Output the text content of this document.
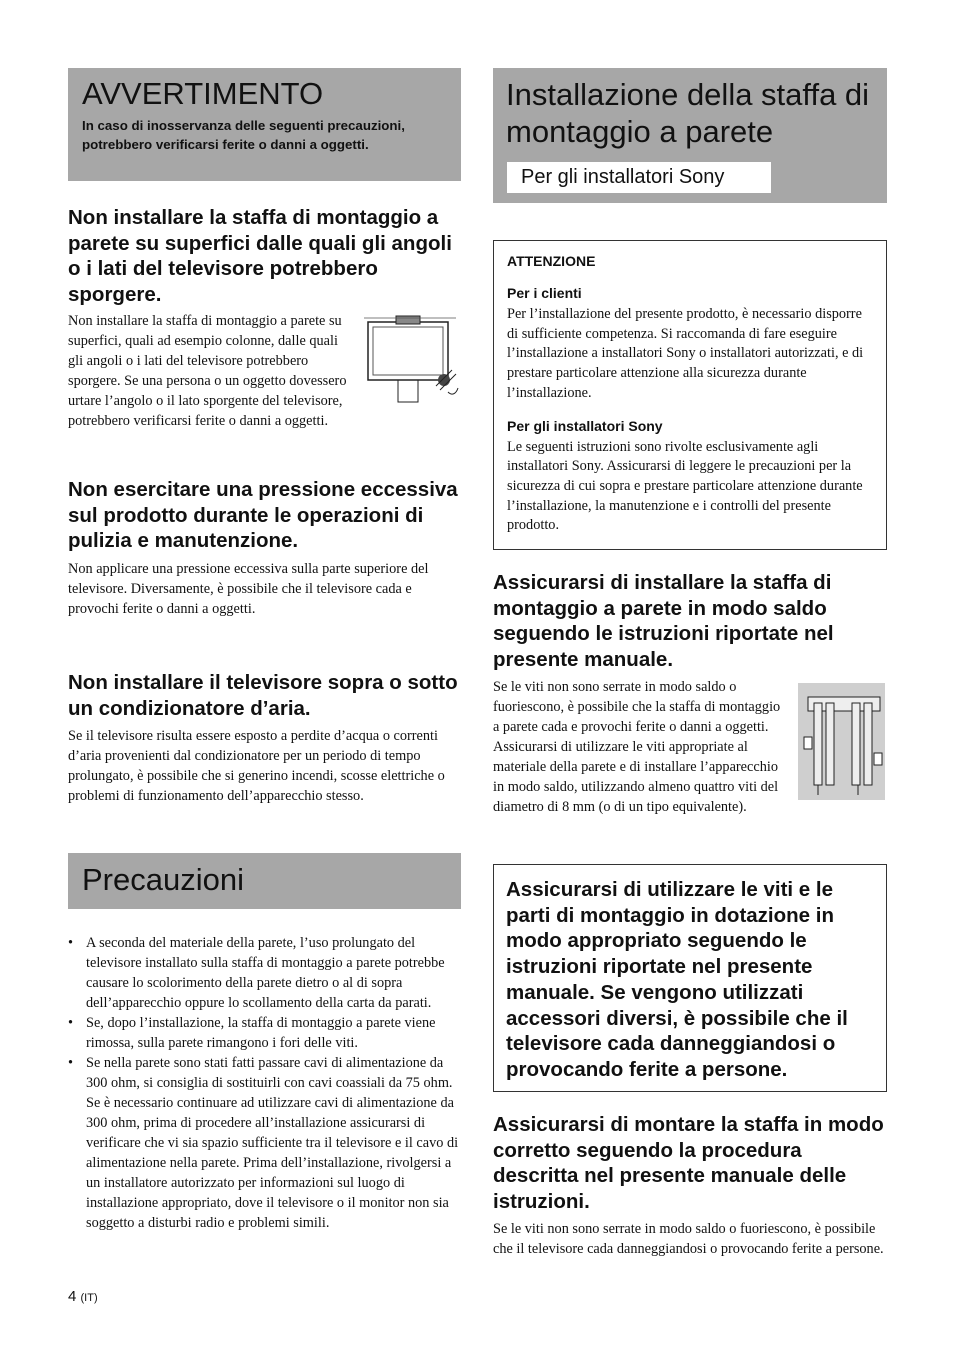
AVVERTIMENTO

In caso di inosservanza delle seguenti precauzioni, potrebbero verificarsi ferite o danni a oggetti.

Non installare la staffa di montaggio a parete su superfici dalle quali gli angoli o i lati del televisore potrebbero sporgere.

Non installare la staffa di montaggio a parete su superfici, quali ad esempio colonne, dalle quali gli angoli o i lati del televisore potrebbero sporgere. Se una persona o un oggetto dovessero urtare l’angolo o il lato sporgente del televisore, potrebbero verificarsi ferite o danni a oggetti.

Non esercitare una pressione eccessiva sul prodotto durante le operazioni di pulizia e manutenzione.

Non applicare una pressione eccessiva sulla parte superiore del televisore. Diversamente, è possibile che il televisore cada e provochi ferite o danni a oggetti.

Non installare il televisore sopra o sotto un condizionatore d’aria.

Se il televisore risulta essere esposto a perdite d’acqua o correnti d’aria provenienti dal condizionatore per un periodo di tempo prolungato, è possibile che si generino incendi, scosse elettriche o problemi di funzionamento dell’apparecchio stesso.

Precauzioni
• A seconda del materiale della parete, l’uso prolungato del televisore installato sulla staffa di montaggio a parete potrebbe causare lo scolorimento della parete dietro o al di sopra dell’apparecchio oppure lo scollamento della carta da parati.
• Se, dopo l’installazione, la staffa di montaggio a parete viene rimossa, sulla parete rimangono i fori delle viti.
• Se nella parete sono stati fatti passare cavi di alimentazione da 300 ohm, si consiglia di sostituirli con cavi coassiali da 75 ohm. Se è necessario continuare ad utilizzare cavi di alimentazione da 300 ohm, prima di procedere all’installazione assicurarsi di verificare che vi sia spazio sufficiente tra il televisore e il cavo di alimentazione nella parete. Prima dell’installazione, rivolgersi a un installatore autorizzato per informazioni sul luogo di installazione appropriato, dove il televisore o il monitor non sia soggetto a disturbi radio e problemi simili.
4 (IT)
Installazione della staffa di montaggio a parete
Per gli installatori Sony

ATTENZIONE

Per i clienti

Per l’installazione del presente prodotto, è necessario disporre di sufficiente competenza. Si raccomanda di fare eseguire l’installazione a installatori Sony o installatori autorizzati, e di prestare particolare attenzione alla sicurezza durante l’installazione.

Per gli installatori Sony

Le seguenti istruzioni sono rivolte esclusivamente agli installatori Sony. Assicurarsi di leggere le precauzioni per la sicurezza di cui sopra e prestare particolare attenzione durante l’installazione, la manutenzione e i controlli del presente prodotto.

Assicurarsi di installare la staffa di montaggio a parete in modo saldo seguendo le istruzioni riportate nel presente manuale.

Se le viti non sono serrate in modo saldo o fuoriescono, è possibile che la staffa di montaggio a parete cada e provochi ferite o danni a oggetti. Assicurarsi di utilizzare le viti appropriate al materiale della parete e di installare l’apparecchio in modo saldo, utilizzando almeno quattro viti del diametro di 8 mm (o di un tipo equivalente).

Assicurarsi di utilizzare le viti e le parti di montaggio in dotazione in modo appropriato seguendo le istruzioni riportate nel presente manuale. Se vengono utilizzati accessori diversi, è possibile che il televisore cada danneggiandosi o provocando ferite a persone.
Assicurarsi di montare la staffa in modo corretto seguendo la procedura descritta nel presente manuale delle istruzioni.

Se le viti non sono serrate in modo saldo o fuoriescono, è possibile che il televisore cada danneggiandosi o provocando ferite a persone.
